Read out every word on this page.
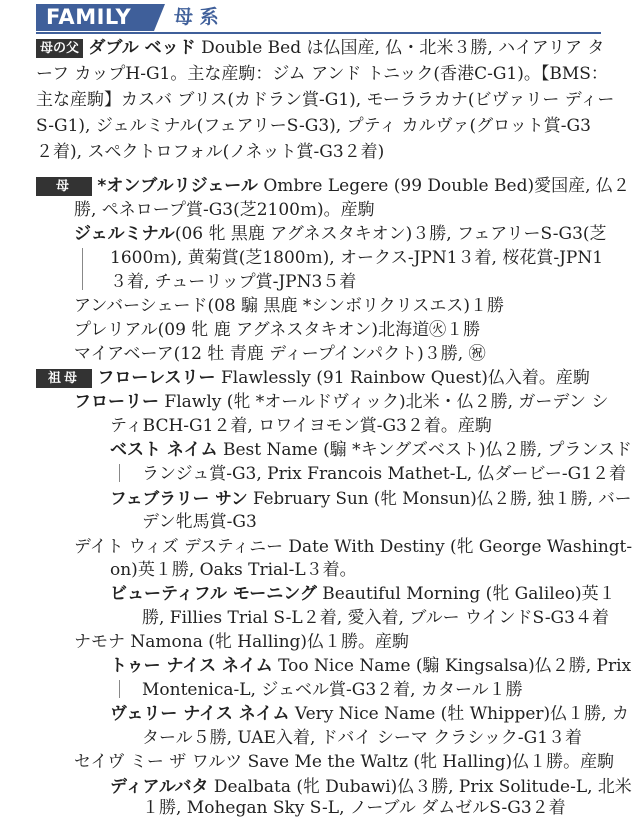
FAMILY	母 系
母の父 ダブル ベッド Double Bed は仏国産, 仏・北米３勝, ハイアリア タ
ーフ カップH-G1。主な産駒：ジム アンド トニック(香港C-G1)。【BMS：
主な産駒】カスバ ブリス(カドラン賞-G1), モーララカナ(ビヴァリー ディー
S-G1), ジェルミナル(フェアリーS-G3), プティ カルヴァ(グロット賞-G3
２着), スペクトロフォル(ノネット賞-G3２着)
母 *オンブルリジェール Ombre Legere (99 Double Bed)愛国産, 仏２
勝, ペネロープ賞-G3(芝2100ｍ)。産駒
ジェルミナル(06 牝 黒鹿 アグネスタキオン)３勝, フェアリーS-G3(芝
1600ｍ), 黄菊賞(芝1800ｍ), オークス-JPN1３着, 桜花賞-JPN1
３着, チューリップ賞-JPN3５着
アンバーシェード(08 騸 黒鹿 *シンボリクリスエス)１勝
プレリアル(09 牝 鹿 アグネスタキオン)北海道㊋１勝
マイアベーア(12 牡 青鹿 ディープインパクト)３勝, ㊗
祖母 フローレスリー Flawlessly (91 Rainbow Quest)仏入着。産駒
フローリー Flawly (牝 *オールドヴィック)北米・仏２勝, ガーデン シ
ティBCH-G1２着, ロワイヨモン賞-G3２着。産駒
ベスト ネイム Best Name (騸 *キングズベスト)仏２勝, プランスド
ランジュ賞-G3, Prix Francois Mathet-L, 仏ダービー-G1２着
フェブラリー サン February Sun (牝 Monsun)仏２勝, 独１勝, バー
デン牝馬賞-G3
デイト ウィズ デスティニー Date With Destiny (牝 George Washingt-
on)英１勝, Oaks Trial-L３着。
ビューティフル モーニング Beautiful Morning (牝 Galileo)英１
勝, Fillies Trial S-L２着, 愛入着, ブルー ウインドS-G3４着
ナモナ Namona (牝 Halling)仏１勝。産駒
トゥー ナイス ネイム Too Nice Name (騸 Kingsalsa)仏２勝, Prix
Montenica-L, ジェベル賞-G3２着, カタール１勝
ヴェリー ナイス ネイム Very Nice Name (牡 Whipper)仏１勝, カ
タール５勝, UAE入着, ドバイ シーマ クラシック-G1３着
セイヴ ミー ザ ワルツ Save Me the Waltz (牝 Halling)仏１勝。産駒
ディアルバタ Dealbata (牝 Dubawi)仏３勝, Prix Solitude-L, 北米
１勝, Mohegan Sky S-L, ノーブル ダムゼルS-G3２着
